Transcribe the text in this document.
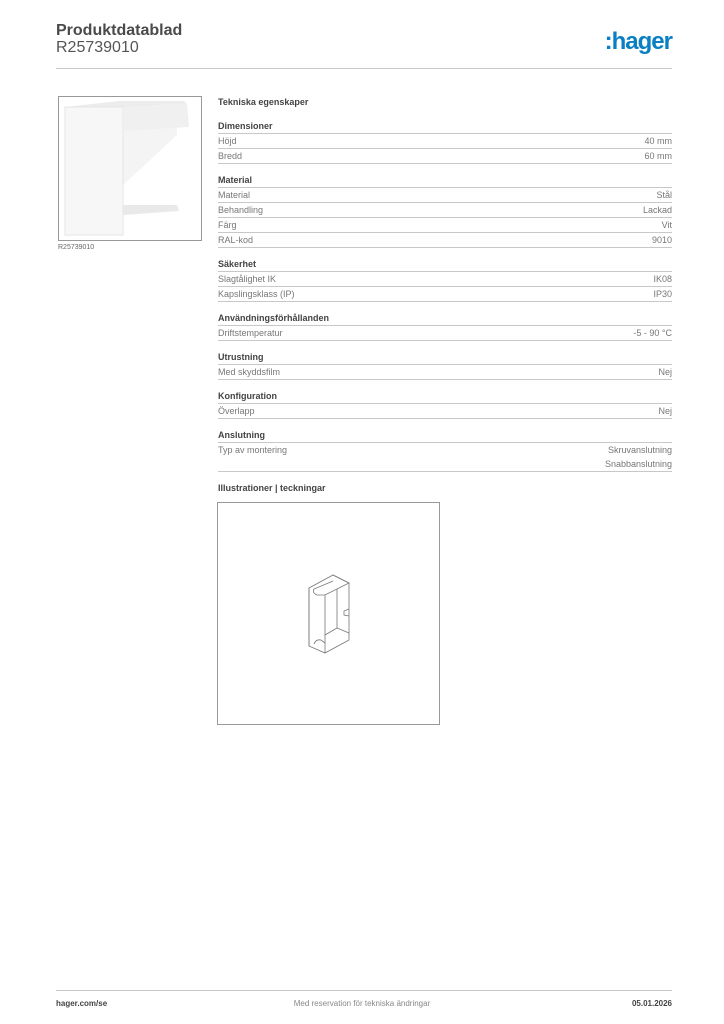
Produktdatablad
R25739010	:hager
R25739010
Tekniska egenskaper
Dimensioner
Höjd	40 mm
Bredd	60 mm
Material
Material	Stål
Behandling	Lackad
Färg	Vit
RAL-kod	9010
Säkerhet
Slagtålighet IK	IK08
Kapslingsklass (IP)	IP30
Användningsförhållanden
Driftstemperatur	-5 - 90 °C
Utrustning
Med skyddsfilm	Nej
Konfiguration
Överlapp	Nej
Anslutning
Typ av montering	Skruvanslutning
Snabbanslutning
Illustrationer | teckningar
hager.com/se	Med reservation för tekniska ändringar	05.01.2026
